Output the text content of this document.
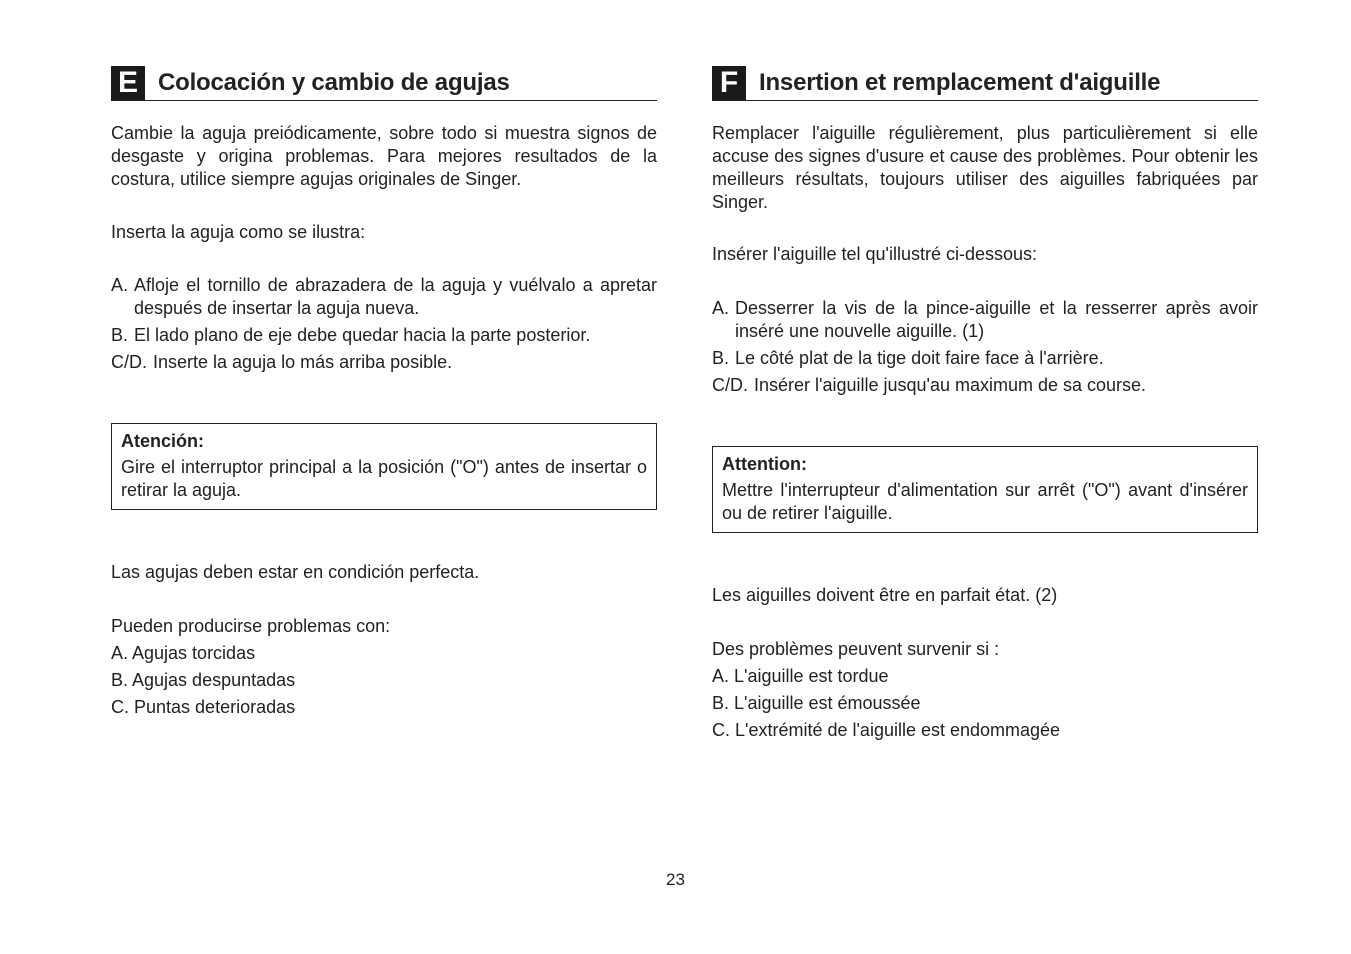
E Colocación y cambio de agujas

Cambie la aguja preiódicamente, sobre todo si muestra signos de desgaste y origina problemas. Para mejores resultados de la costura, utilice siempre agujas originales de Singer.

Inserta la aguja como se ilustra:

A. Afloje el tornillo de abrazadera de la aguja y vuélvalo a apretar después de insertar la aguja nueva.
B. El lado plano de eje debe quedar hacia la parte posterior.
C/D. Inserte la aguja lo más arriba posible.
Atención:

Gire el interruptor principal a la posición ("O") antes de insertar o retirar la aguja.

Las agujas deben estar en condición perfecta.

Pueden producirse problemas con:

A. Agujas torcidas
B. Agujas despuntadas
C. Puntas deterioradas
F Insertion et remplacement d'aiguille

Remplacer l'aiguille régulièrement, plus particulièrement si elle accuse des signes d'usure et cause des problèmes. Pour obtenir les meilleurs résultats, toujours utiliser des aiguilles fabriquées par Singer.

Insérer l'aiguille tel qu'illustré ci-dessous:

A. Desserrer la vis de la pince-aiguille et la resserrer après avoir inséré une nouvelle aiguille. (1)
B. Le côté plat de la tige doit faire face à l'arrière.
C/D. Insérer l'aiguille jusqu'au maximum de sa course.
Attention:

Mettre l'interrupteur d'alimentation sur arrêt ("O") avant d'insérer ou de retirer l'aiguille.

Les aiguilles doivent être en parfait état. (2)

Des problèmes peuvent survenir si :

A. L'aiguille est tordue
B. L'aiguille est émoussée
C. L'extrémité de l'aiguille est endommagée
23
